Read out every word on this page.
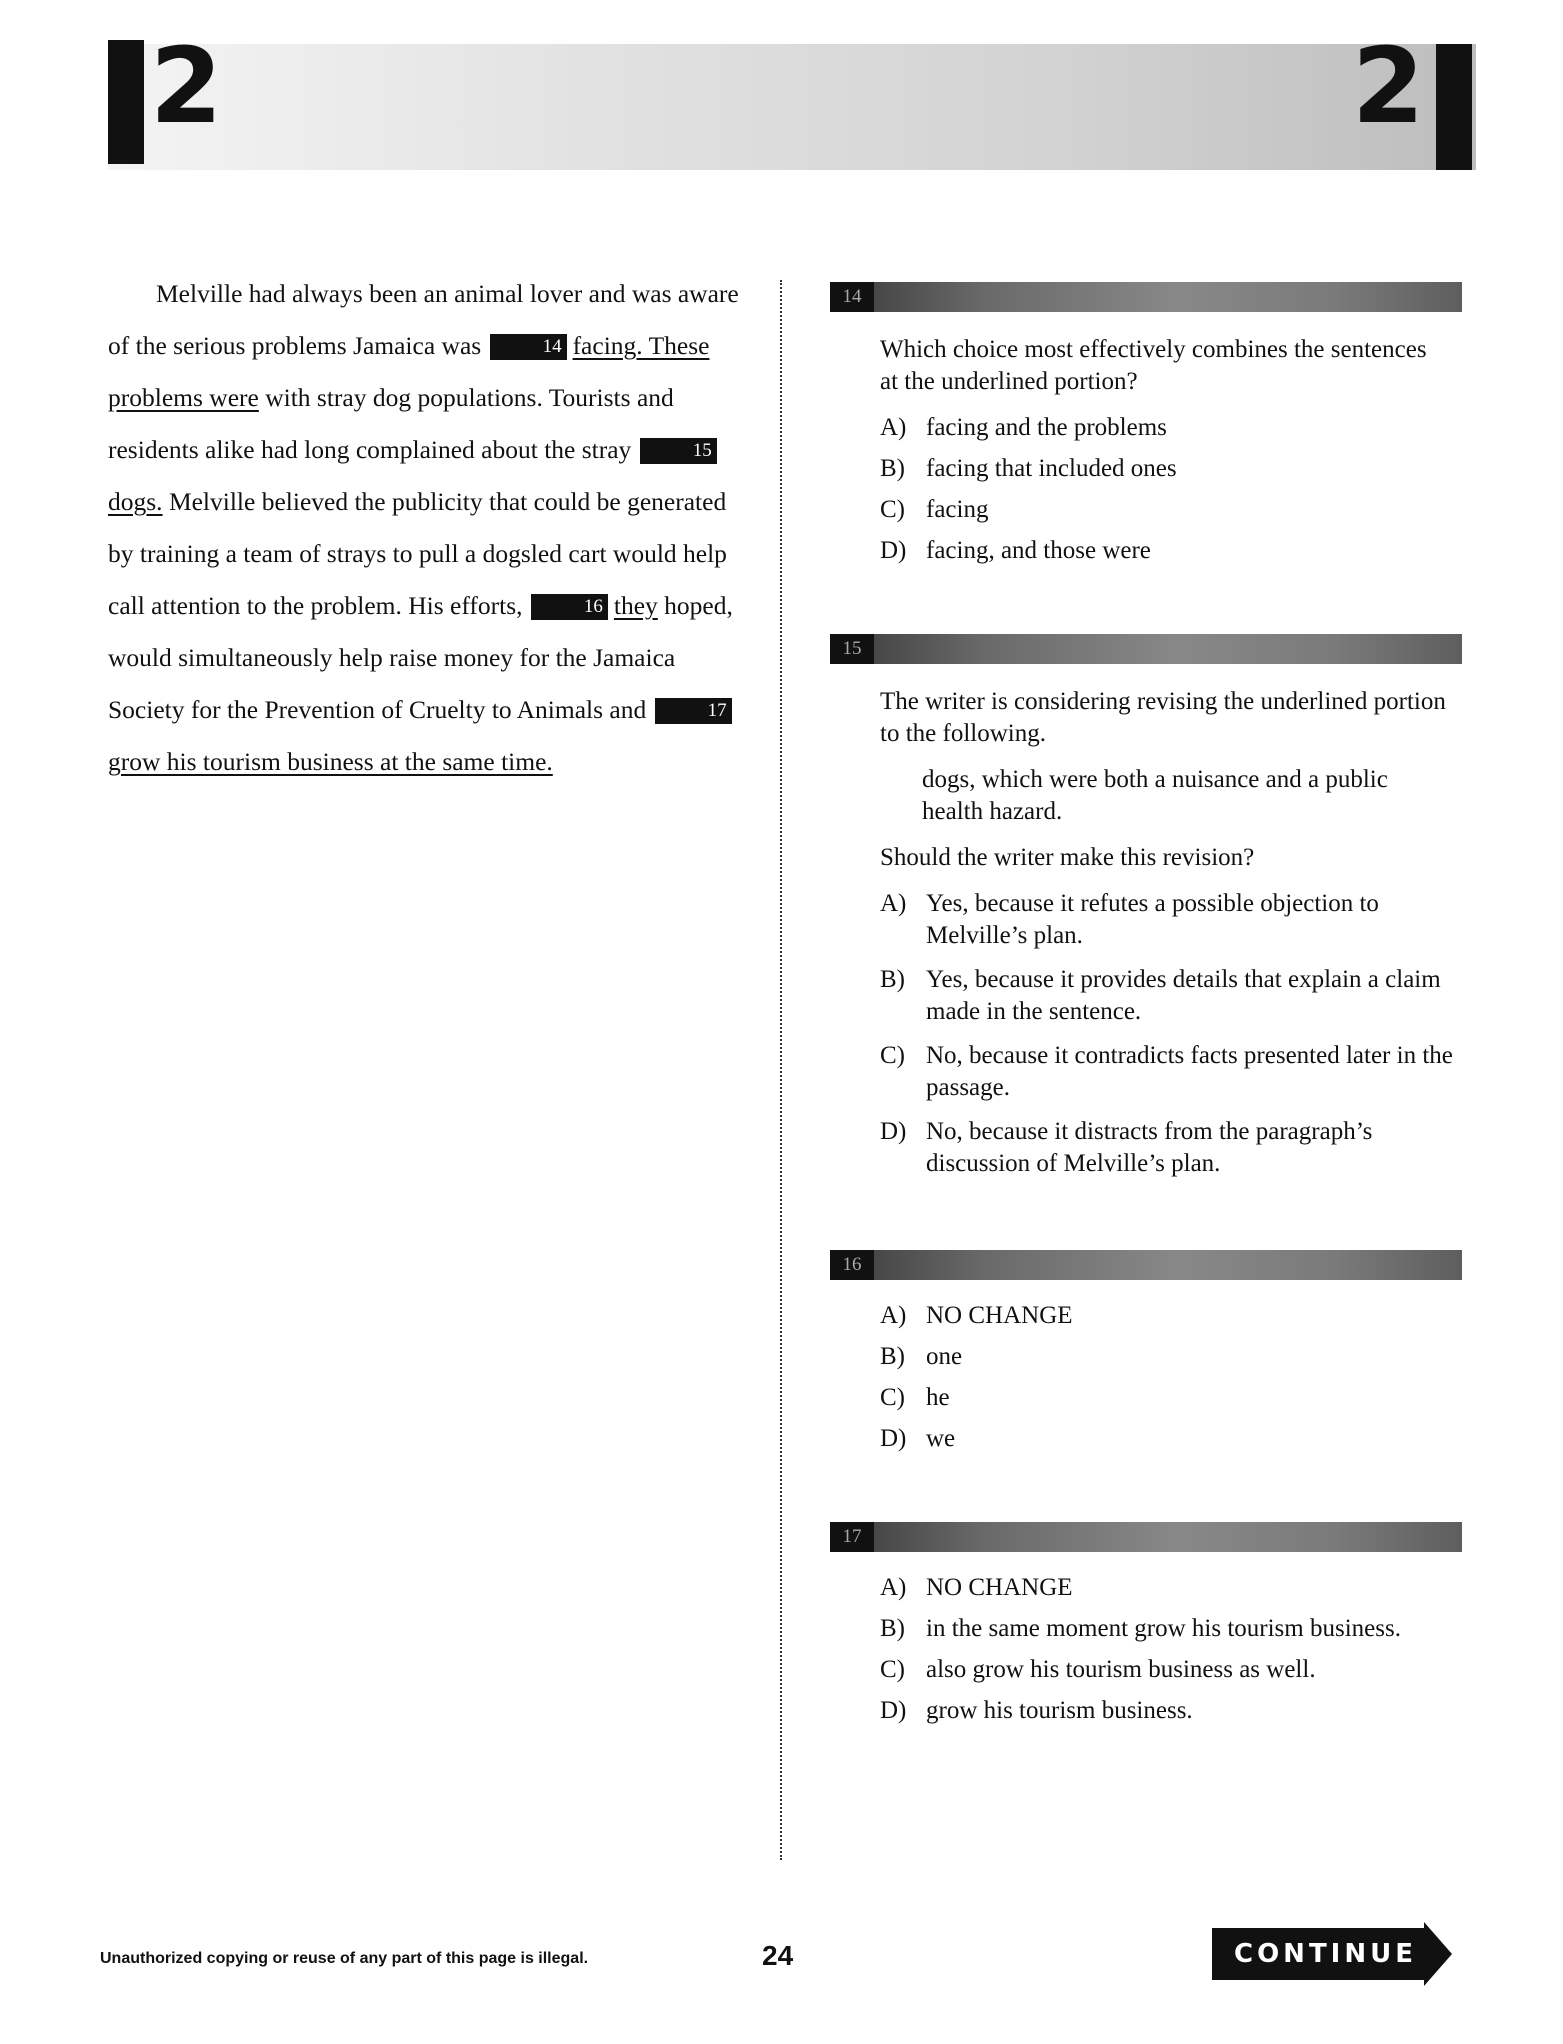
2	2

Melville had always been an animal lover and was aware of the serious problems Jamaica was	14 facing. These problems were with stray dog populations. Tourists and residents alike had long complained about the stray	15dogs. Melville believed the publicity that could be generated by training a team of strays to pull a dogsled cart would help call attention to the problem. His efforts,	16 they hoped, would simultaneously help raise money for the Jamaica Society for the Prevention of Cruelty to Animals and	17grow his tourism business at the same time.

14
Which choice most effectively combines the sentences at the underlined portion?
A) facing and the problems
B) facing that included ones
C) facing
D) facing, and those were
15
The writer is considering revising the underlined portion to the following.
dogs, which were both a nuisance and a public health hazard.
Should the writer make this revision?
A) Yes, because it refutes a possible objection to Melville’s plan.
B) Yes, because it provides details that explain a claim made in the sentence.
C) No, because it contradicts facts presented later in the passage.
D) No, because it distracts from the paragraph’s discussion of Melville’s plan.
16
A) NO CHANGE
B) one
C) he
D) we
17
A) NO CHANGE
B) in the same moment grow his tourism business.
C) also grow his tourism business as well.
D) grow his tourism business.
Unauthorized copying or reuse of any part of this page is illegal.	24	CONTINUE
